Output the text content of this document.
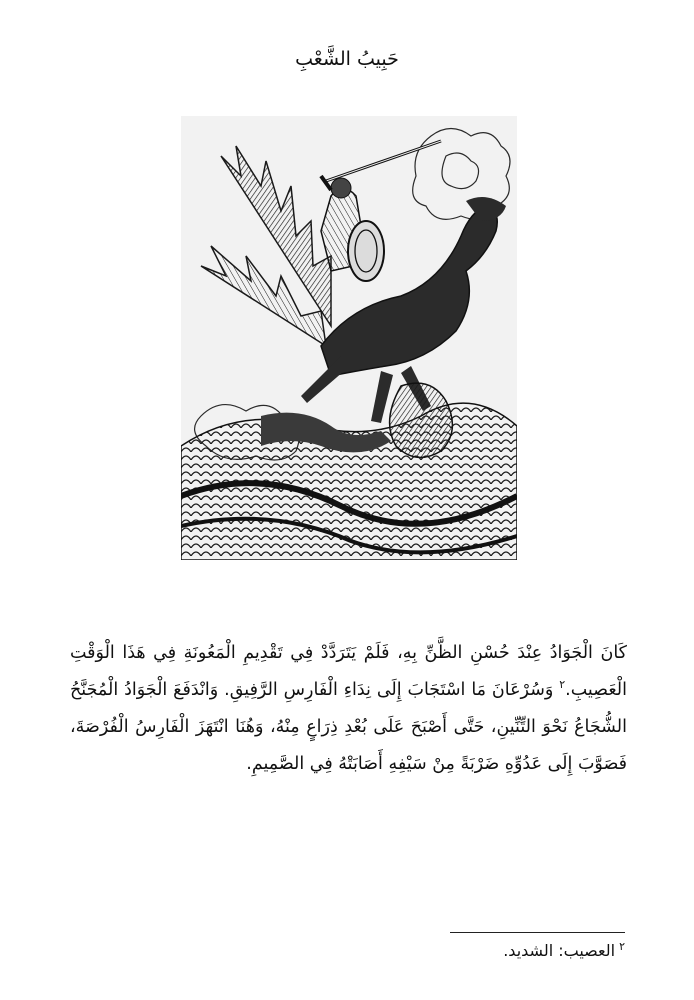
حَبِيبُ الشَّعْبِ
كَانَ الْجَوَادُ عِنْدَ حُسْنِ الظَّنِّ بِهِ، فَلَمْ يَتَرَدَّدْ فِي تَقْدِيمِ الْمَعُونَةِ فِي هَذَا الْوَقْتِ الْعَصِيبِ.$^٢$ وَسُرْعَانَ مَا اسْتَجَابَ إِلَى نِدَاءِ الْفَارِسِ الرَّفِيقِ. وَانْدَفَعَ الْجَوَادُ الْمُجَنَّحُ الشُّجَاعُ نَحْوَ التِّنِّينِ، حَتَّى أَصْبَحَ عَلَى بُعْدِ ذِرَاعٍ مِنْهُ، وَهُنَا انْتَهَزَ الْفَارِسُ الْفُرْصَةَ، فَصَوَّبَ إِلَى عَدُوِّهِ ضَرْبَةً مِنْ سَيْفِهِ أَصَابَتْهُ فِي الصَّمِيمِ.
$^٢$العصيب: الشديد.
